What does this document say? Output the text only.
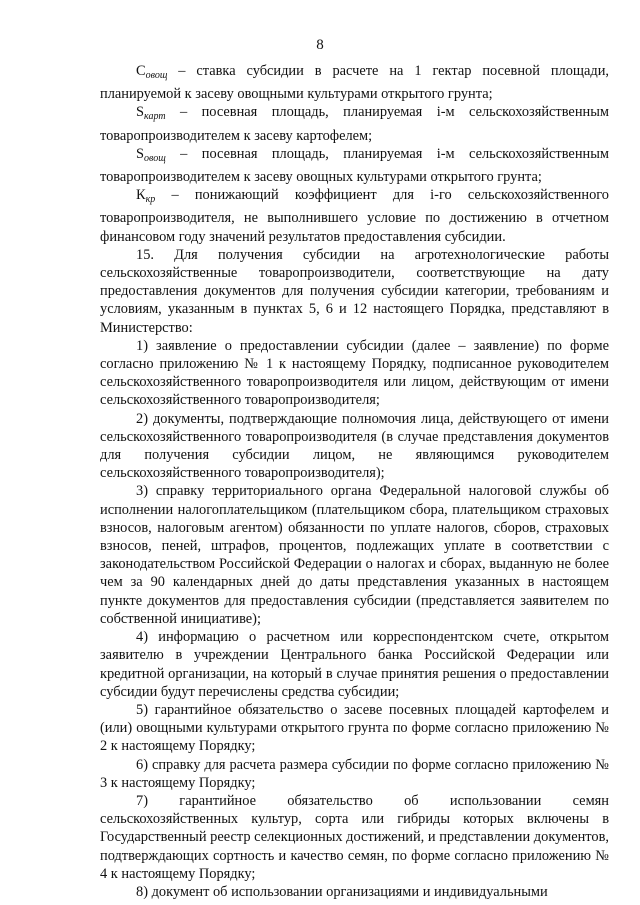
8

$С_{овощ}$ – ставка субсидии в расчете на 1 гектар посевной площади, планируемой к засеву овощными культурами открытого грунта;

$S_{карт}$ – посевная площадь, планируемая i-м сельскохозяйственным товаропроизводителем к засеву картофелем;

$S_{овощ}$ – посевная площадь, планируемая i-м сельскохозяйственным товаропроизводителем к засеву овощных культурами открытого грунта;

$К_{кр}$ – понижающий коэффициент для i-го сельскохозяйственного товаропроизводителя, не выполнившего условие по достижению в отчетном финансовом году значений результатов предоставления субсидии.

15. Для получения субсидии на агротехнологические работы сельскохозяйственные товаропроизводители, соответствующие на дату предоставления документов для получения субсидии категории, требованиям и условиям, указанным в пунктах 5, 6 и 12 настоящего Порядка, представляют в Министерство:

1) заявление о предоставлении субсидии (далее – заявление) по форме согласно приложению № 1 к настоящему Порядку, подписанное руководителем сельскохозяйственного товаропроизводителя или лицом, действующим от имени сельскохозяйственного товаропроизводителя;

2) документы, подтверждающие полномочия лица, действующего от имени сельскохозяйственного товаропроизводителя (в случае представления документов для получения субсидии лицом, не являющимся руководителем сельскохозяйственного товаропроизводителя);

3) справку территориального органа Федеральной налоговой службы об исполнении налогоплательщиком (плательщиком сбора, плательщиком страховых взносов, налоговым агентом) обязанности по уплате налогов, сборов, страховых взносов, пеней, штрафов, процентов, подлежащих уплате в соответствии с законодательством Российской Федерации о налогах и сборах, выданную не более чем за 90 календарных дней до даты представления указанных в настоящем пункте документов для предоставления субсидии (представляется заявителем по собственной инициативе);

4) информацию о расчетном или корреспондентском счете, открытом заявителю в учреждении Центрального банка Российской Федерации или кредитной организации, на который в случае принятия решения о предоставлении субсидии будут перечислены средства субсидии;

5) гарантийное обязательство о засеве посевных площадей картофелем и (или) овощными культурами открытого грунта по форме согласно приложению № 2 к настоящему Порядку;

6) справку для расчета размера субсидии по форме согласно приложению № 3 к настоящему Порядку;

7) гарантийное обязательство об использовании семян сельскохозяйственных культур, сорта или гибриды которых включены в Государственный реестр селекционных достижений, и представлении документов, подтверждающих сортность и качество семян, по форме согласно приложению № 4 к настоящему Порядку;

8) документ об использовании организациями и индивидуальными
